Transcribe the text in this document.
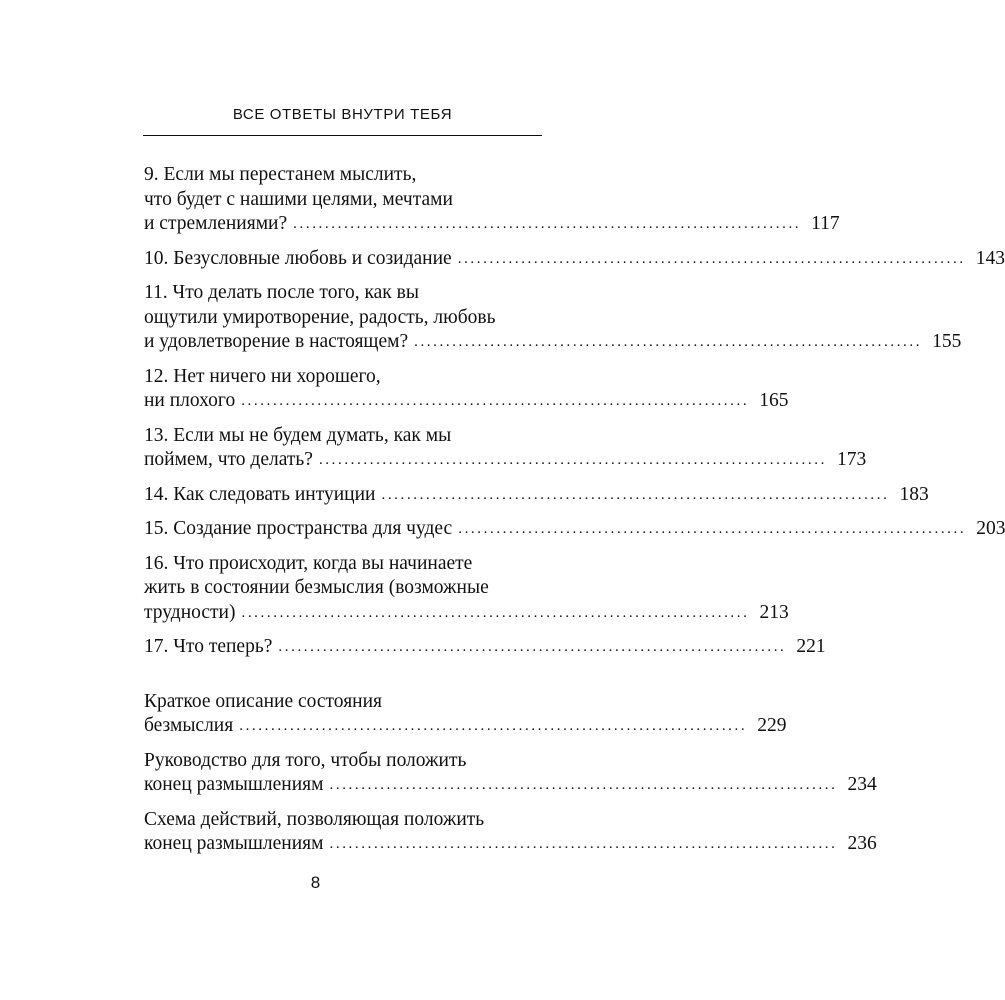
ВСЕ ОТВЕТЫ ВНУТРИ ТЕБЯ
9. Если мы перестанем мыслить,
что будет с нашими целями, мечтами
и стремлениями? ................................................................................ 117
10. Безусловные любовь и созидание ................................................................................ 143
11. Что делать после того, как вы
ощутили умиротворение, радость, любовь
и удовлетворение в настоящем? ................................................................................ 155
12. Нет ничего ни хорошего,
ни плохого ................................................................................ 165
13. Если мы не будем думать, как мы
поймем, что делать? ................................................................................ 173
14. Как следовать интуиции ................................................................................ 183
15. Создание пространства для чудес ................................................................................ 203
16. Что происходит, когда вы начинаете
жить в состоянии безмыслия (возможные
трудности) ................................................................................ 213
17. Что теперь? ................................................................................ 221
Краткое описание состояния
безмыслия ................................................................................ 229
Руководство для того, чтобы положить
конец размышлениям ................................................................................ 234
Схема действий, позволяющая положить
конец размышлениям ................................................................................ 236
8
